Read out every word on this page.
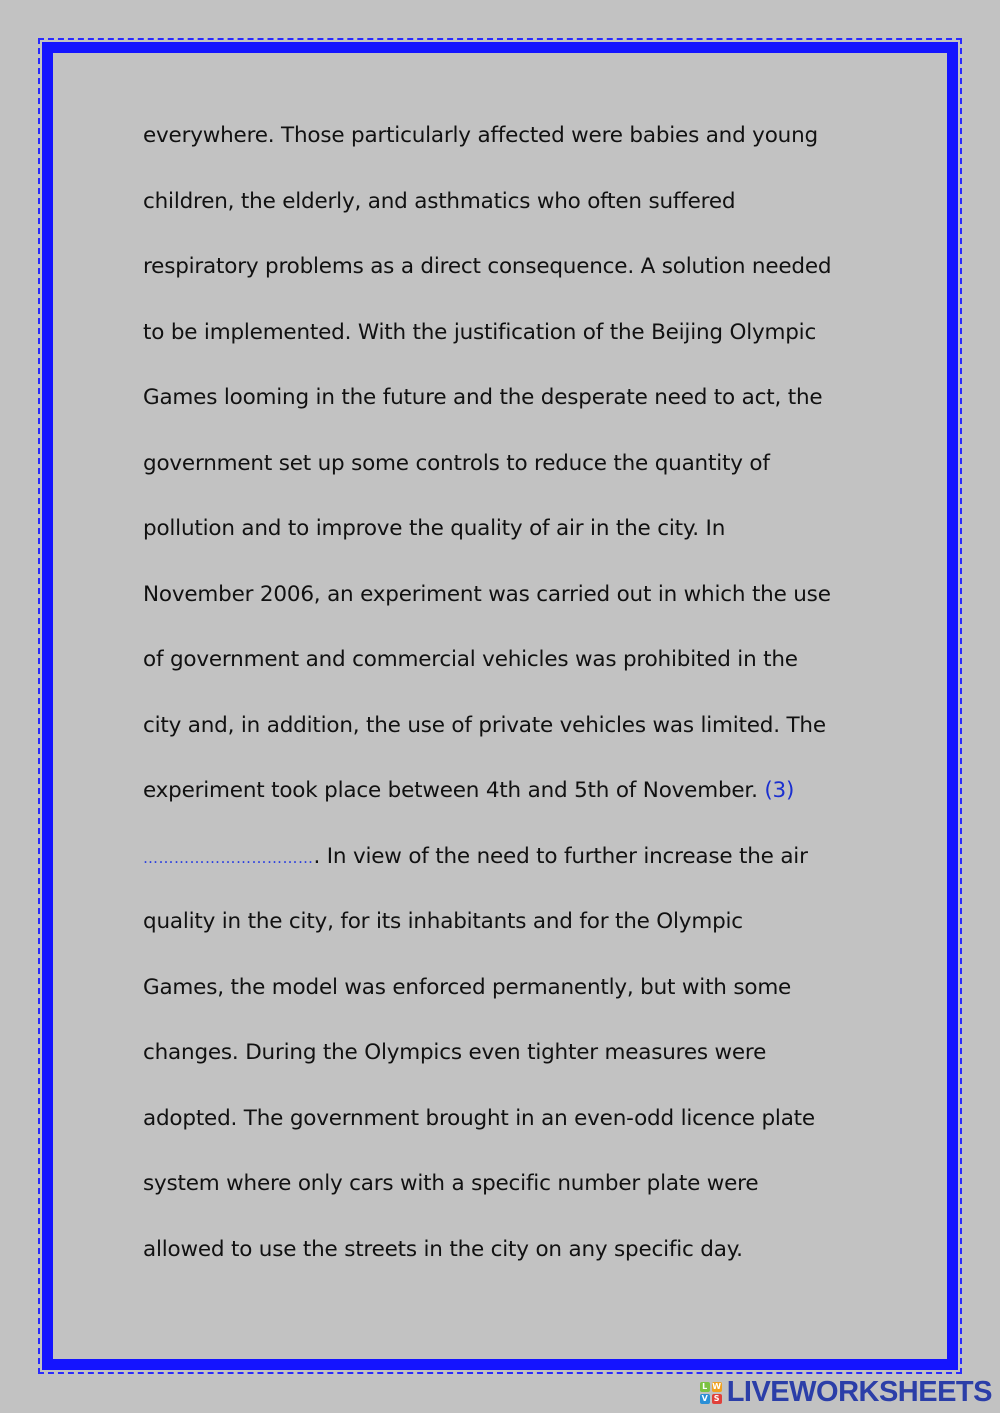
everywhere. Those particularly affected were babies and young
children, the elderly, and asthmatics who often suffered
respiratory problems as a direct consequence. A solution needed
to be implemented. With the justification of the Beijing Olympic
Games looming in the future and the desperate need to act, the
government set up some controls to reduce the quantity of
pollution and to improve the quality of air in the city. In
November 2006, an experiment was carried out in which the use
of government and commercial vehicles was prohibited in the
city and, in addition, the use of private vehicles was limited. The
experiment took place between 4th and 5th of November. (3)
……………………………. In view of the need to further increase the air
quality in the city, for its inhabitants and for the Olympic
Games, the model was enforced permanently, but with some
changes. During the Olympics even tighter measures were
adopted. The government brought in an even-odd licence plate
system where only cars with a specific number plate were
allowed to use the streets in the city on any specific day.
L W
V S LIVEWORKSHEETS
